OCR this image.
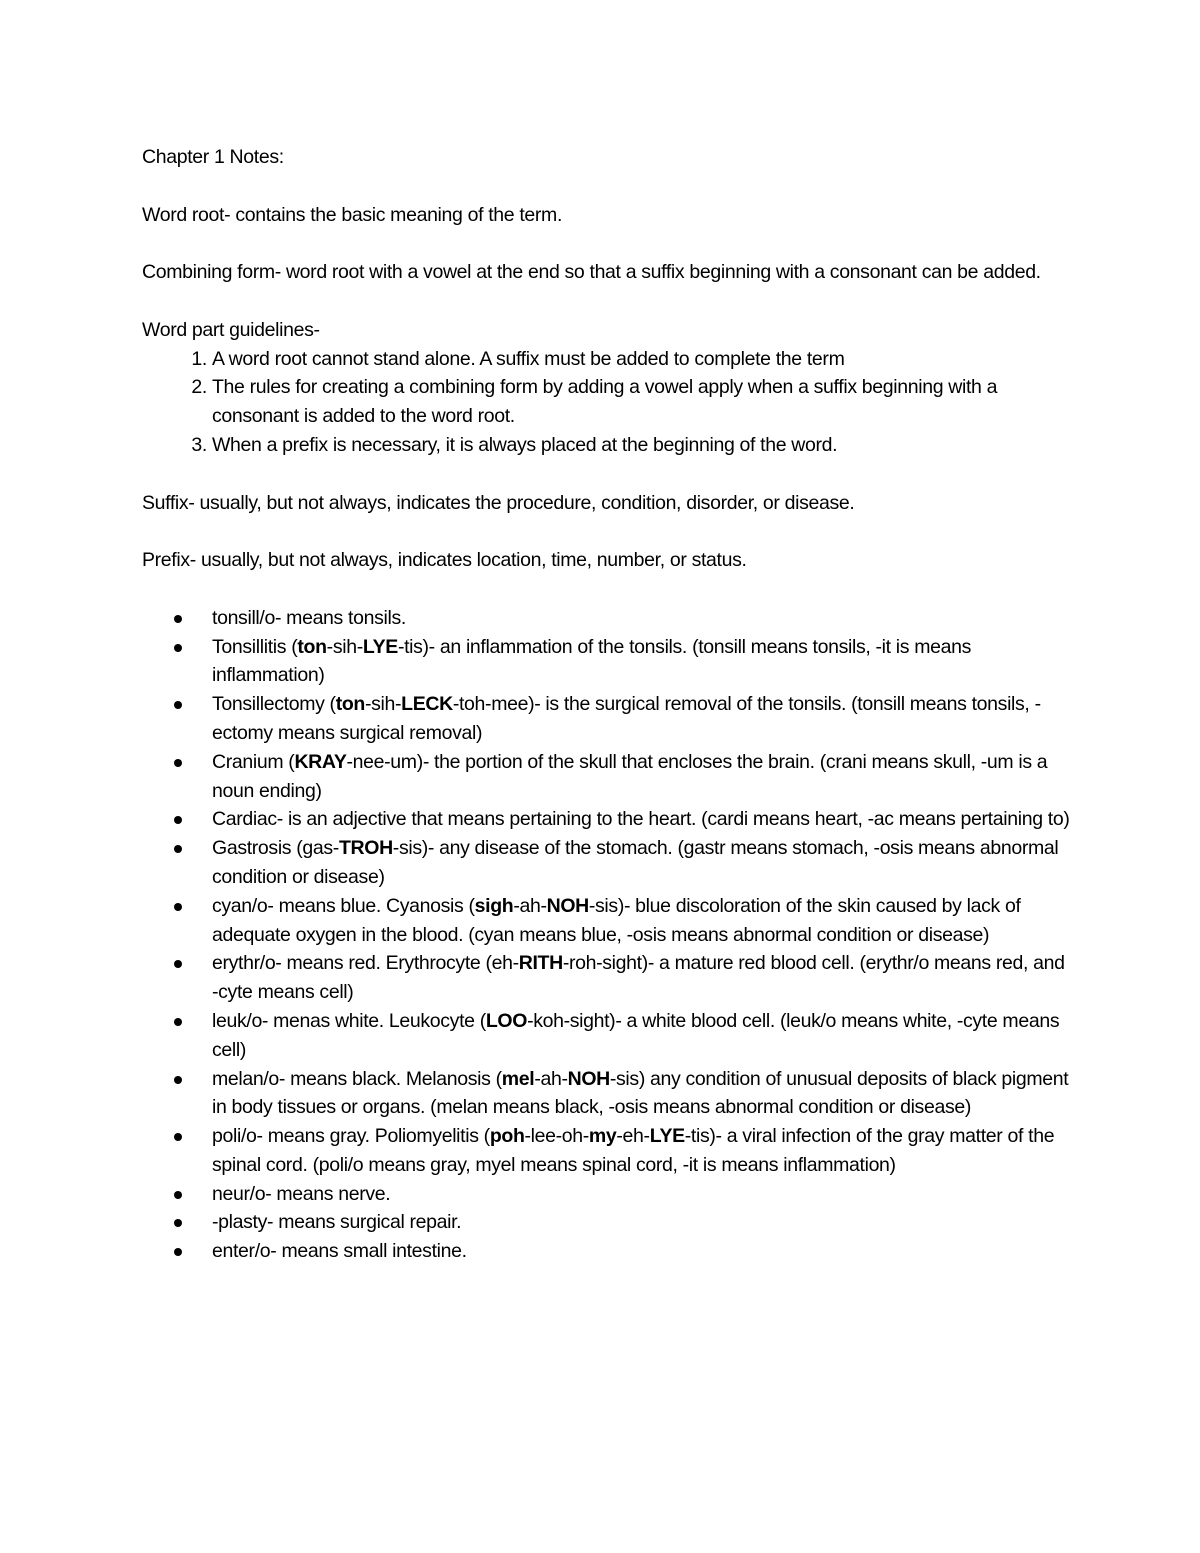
Chapter 1 Notes:

Word root- contains the basic meaning of the term.

Combining form- word root with a vowel at the end so that a suffix beginning with a consonant can be added.

Word part guidelines-

1. A word root cannot stand alone. A suffix must be added to complete the term
2. The rules for creating a combining form by adding a vowel apply when a suffix beginning with a consonant is added to the word root.
3. When a prefix is necessary, it is always placed at the beginning of the word.

Suffix- usually, but not always, indicates the procedure, condition, disorder, or disease.

Prefix- usually, but not always, indicates location, time, number, or status.

tonsill/o- means tonsils.
Tonsillitis (ton-sih-LYE-tis)- an inflammation of the tonsils. (tonsill means tonsils, -it is means inflammation)
Tonsillectomy (ton-sih-LECK-toh-mee)- is the surgical removal of the tonsils. (tonsill means tonsils, -ectomy means surgical removal)
Cranium (KRAY-nee-um)- the portion of the skull that encloses the brain. (crani means skull, -um is a noun ending)
Cardiac- is an adjective that means pertaining to the heart. (cardi means heart, -ac means pertaining to)
Gastrosis (gas-TROH-sis)- any disease of the stomach. (gastr means stomach, -osis means abnormal condition or disease)
cyan/o- means blue. Cyanosis (sigh-ah-NOH-sis)- blue discoloration of the skin caused by lack of adequate oxygen in the blood. (cyan means blue, -osis means abnormal condition or disease)
erythr/o- means red. Erythrocyte (eh-RITH-roh-sight)- a mature red blood cell. (erythr/o means red, and -cyte means cell)
leuk/o- menas white. Leukocyte (LOO-koh-sight)- a white blood cell. (leuk/o means white, -cyte means cell)
melan/o- means black. Melanosis (mel-ah-NOH-sis) any condition of unusual deposits of black pigment in body tissues or organs. (melan means black, -osis means abnormal condition or disease)
poli/o- means gray. Poliomyelitis (poh-lee-oh-my-eh-LYE-tis)- a viral infection of the gray matter of the spinal cord. (poli/o means gray, myel means spinal cord, -it is means inflammation)
neur/o- means nerve.
-plasty- means surgical repair.
enter/o- means small intestine.
